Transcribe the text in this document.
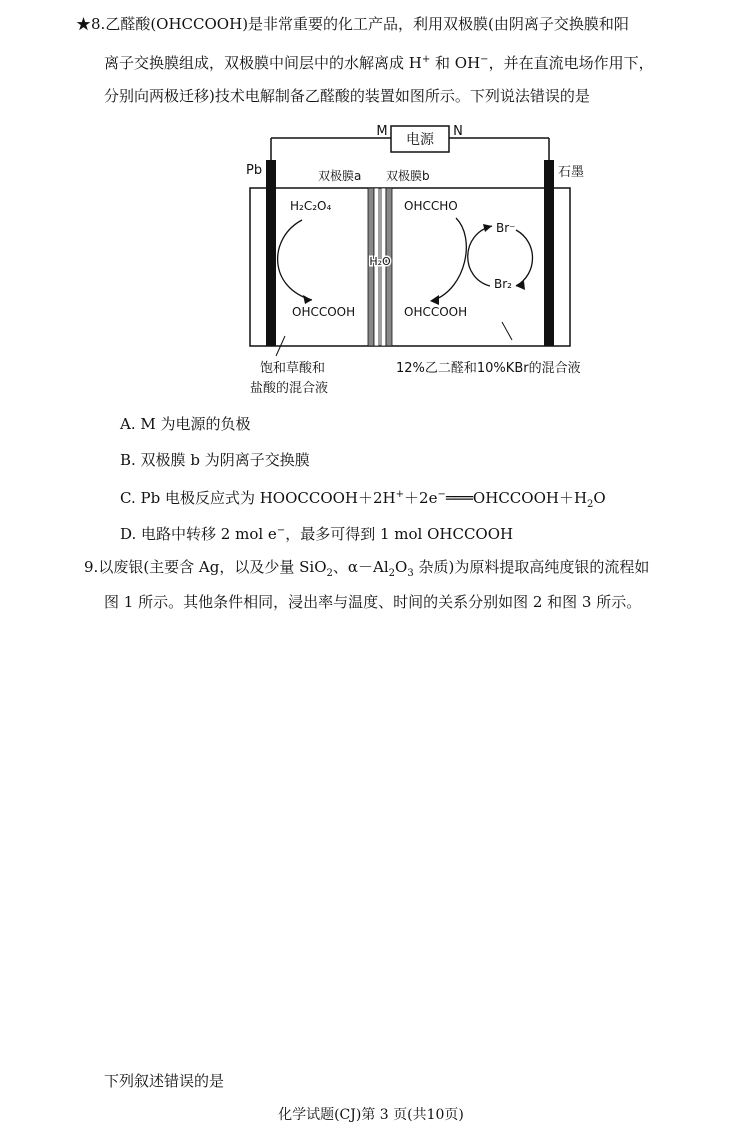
★8.乙醛酸(OHCCOOH)是非常重要的化工产品，利用双极膜(由阴离子交换膜和阳
离子交换膜组成，双极膜中间层中的水解离成 H+ 和 OH−，并在直流电场作用下，
分别向两极迁移)技术电解制备乙醛酸的装置如图所示。下列说法错误的是
电源
M	N
Pb	石墨
双极膜a 双极膜b
H₂O
H₂C₂O₄
OHCCOOH
OHCCHO
OHCCOOH
Br⁻
Br₂
饱和草酸和
盐酸的混合液
12%乙二醛和10%KBr的混合液
A. M 为电源的负极
B. 双极膜 b 为阴离子交换膜
C. Pb 电极反应式为 $HOOCCOOH+2H^++2e^-═══OHCCOOH+H_2O$
D. 电路中转移 2 mol e−，最多可得到 1 mol OHCCOOH
9.以废银(主要含 Ag，以及少量 SiO$_2$、$\alpha-Al_2O_3$ 杂质)为原料提取高纯度银的流程如
图 1 所示。其他条件相同，浸出率与温度、时间的关系分别如图 2 和图 3 所示。
下列叙述错误的是
化学试题(CJ)第 3 页(共10页)
